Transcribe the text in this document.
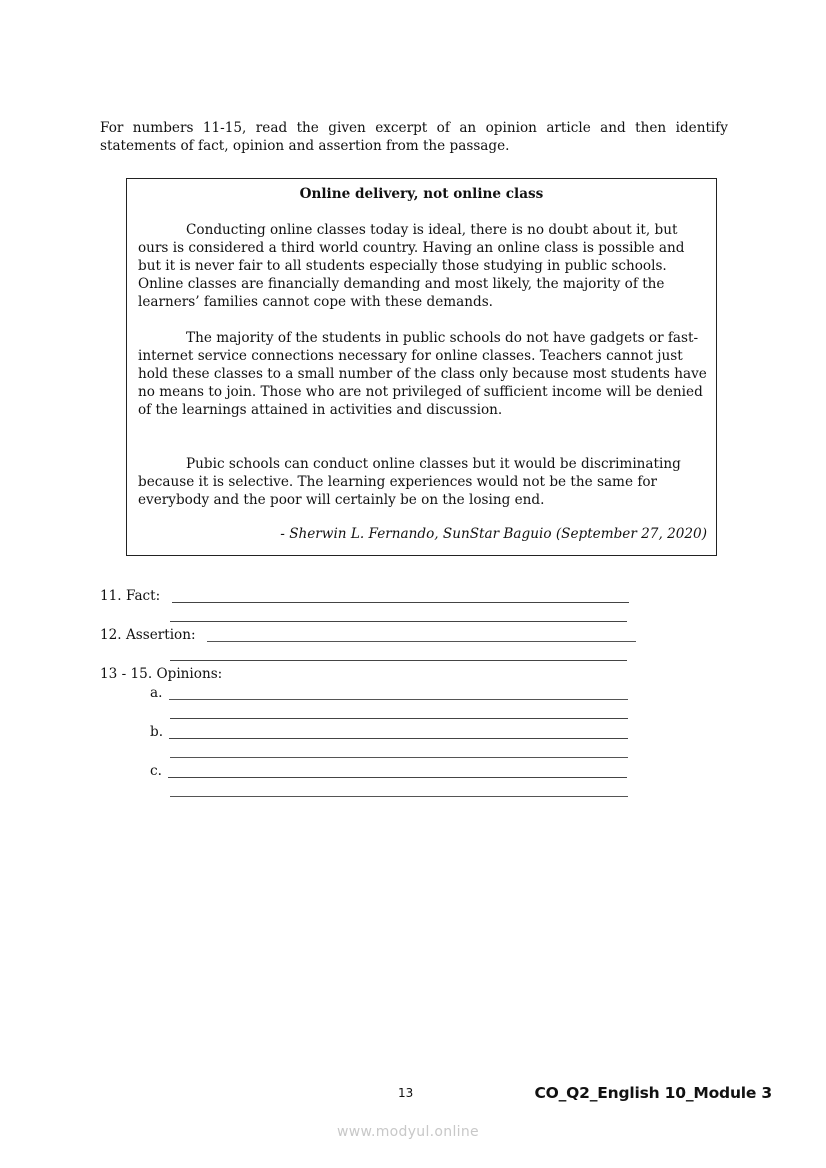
For numbers 11-15, read the given excerpt of an opinion article and then identify statements of fact, opinion and assertion from the passage.
Online delivery, not online class

Conducting online classes today is ideal, there is no doubt about it, but ours is considered a third world country. Having an online class is possible and but it is never fair to all students especially those studying in public schools. Online classes are financially demanding and most likely, the majority of the learners’ families cannot cope with these demands.

The majority of the students in public schools do not have gadgets or fast-internet service connections necessary for online classes. Teachers cannot just hold these classes to a small number of the class only because most students have no means to join. Those who are not privileged of sufficient income will be denied of the learnings attained in activities and discussion.

Pubic schools can conduct online classes but it would be discriminating because it is selective. The learning experiences would not be the same for everybody and the poor will certainly be on the losing end.

- Sherwin L. Fernando, SunStar Baguio (September 27, 2020)
11. Fact:
12. Assertion:
13 - 15. Opinions:
a.
b.
c.
13	CO_Q2_English 10_Module 3
www.modyul.online
